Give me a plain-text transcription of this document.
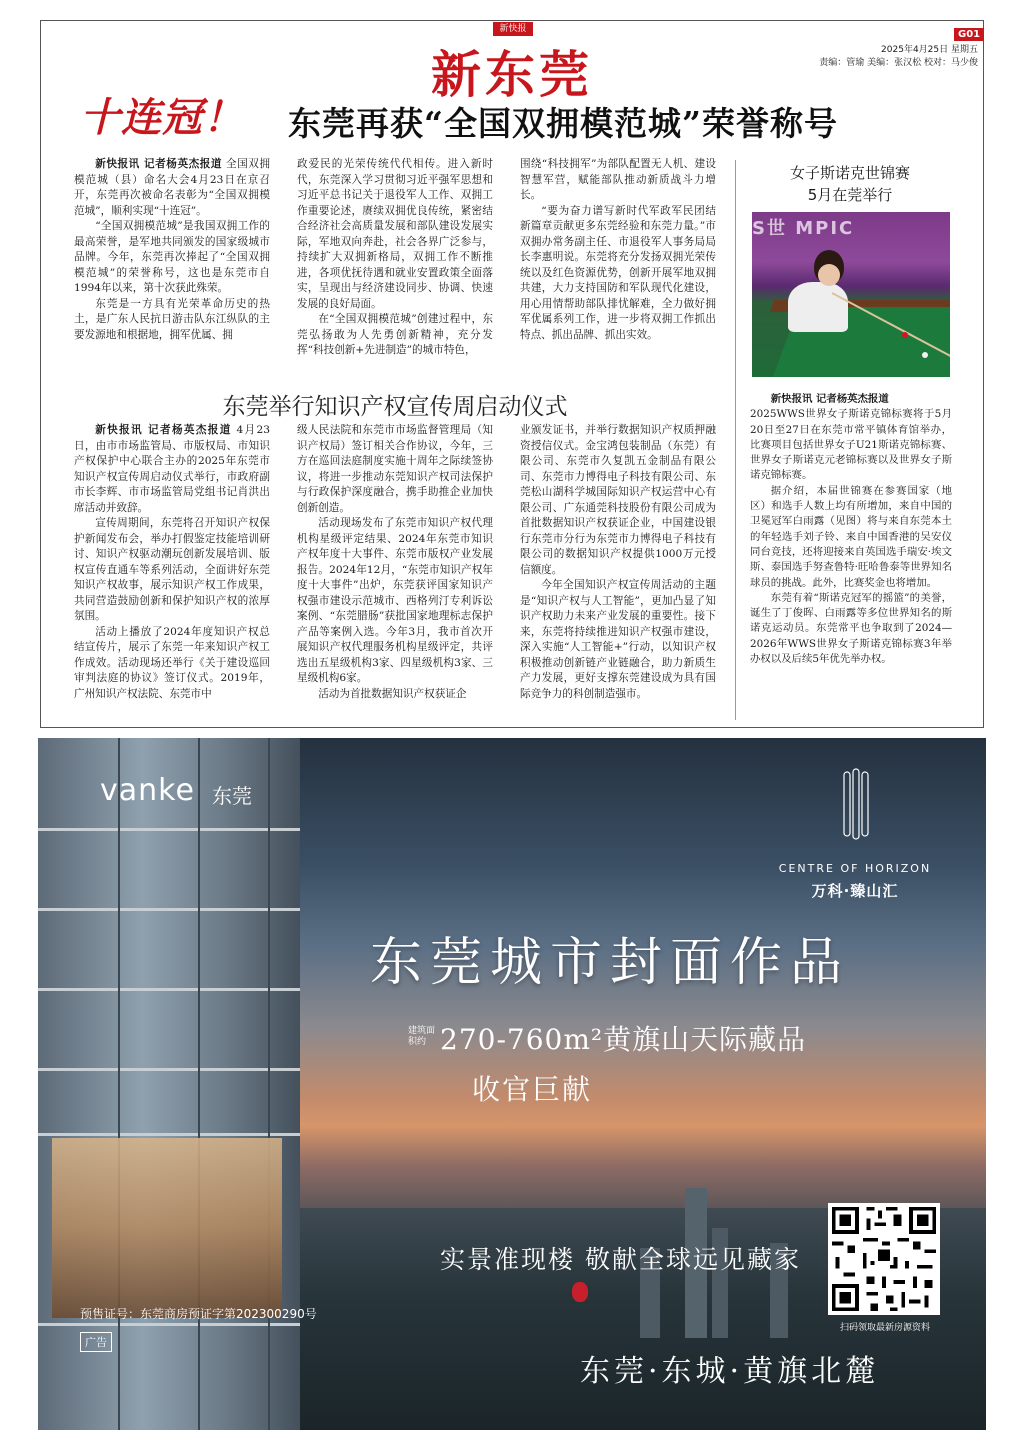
新快报
新东莞
G01
2025年4月25日 星期五
责编：管瑜 美编：张汉松 校对：马少俊
十连冠！ 东莞再获“全国双拥模范城”荣誉称号

新快报讯 记者杨英杰报道 全国双拥模范城（县）命名大会4月23日在京召开，东莞再次被命名表彰为“全国双拥模范城”，顺利实现“十连冠”。

“全国双拥模范城”是我国双拥工作的最高荣誉，是军地共同颁发的国家级城市品牌。今年，东莞再次捧起了“全国双拥模范城”的荣誉称号，这也是东莞市自1994年以来，第十次获此殊荣。

东莞是一方具有光荣革命历史的热土，是广东人民抗日游击队东江纵队的主要发源地和根据地，拥军优属、拥

政爱民的光荣传统代代相传。进入新时代，东莞深入学习贯彻习近平强军思想和习近平总书记关于退役军人工作、双拥工作重要论述，赓续双拥优良传统，紧密结合经济社会高质量发展和部队建设发展实际，军地双向奔赴，社会各界广泛参与，持续扩大双拥新格局，双拥工作不断推进，各项优抚待遇和就业安置政策全面落实，呈现出与经济建设同步、协调、快速发展的良好局面。

在“全国双拥模范城”创建过程中，东莞弘扬敢为人先勇创新精神，充分发挥“科技创新+先进制造”的城市特色，

围绕“科技拥军”为部队配置无人机、建设智慧军营，赋能部队推动新质战斗力增长。

“要为奋力谱写新时代军政军民团结新篇章贡献更多东莞经验和东莞力量。”市双拥办常务副主任、市退役军人事务局局长李惠明说。东莞将充分发扬双拥光荣传统以及红色资源优势，创新开展军地双拥共建，大力支持国防和军队现代化建设，用心用情帮助部队排忧解难，全力做好拥军优属系列工作，进一步将双拥工作抓出特点、抓出品牌、抓出实效。

东莞举行知识产权宣传周启动仪式

新快报讯 记者杨英杰报道 4月23日，由市市场监管局、市版权局、市知识产权保护中心联合主办的2025年东莞市知识产权宣传周启动仪式举行，市政府副市长李辉、市市场监管局党组书记肖洪出席活动并致辞。

宣传周期间，东莞将召开知识产权保护新闻发布会，举办打假鉴定技能培训研讨、知识产权驱动潮玩创新发展培训、版权宣传直通车等系列活动，全面讲好东莞知识产权故事，展示知识产权工作成果，共同营造鼓励创新和保护知识产权的浓厚氛围。

活动上播放了2024年度知识产权总结宣传片，展示了东莞一年来知识产权工作成效。活动现场还举行《关于建设巡回审判法庭的协议》签订仪式。2019年，广州知识产权法院、东莞市中

级人民法院和东莞市市场监督管理局（知识产权局）签订相关合作协议，今年，三方在巡回法庭制度实施十周年之际续签协议，将进一步推动东莞知识产权司法保护与行政保护深度融合，携手助推企业加快创新创造。

活动现场发布了东莞市知识产权代理机构星级评定结果、2024年东莞市知识产权年度十大事件、东莞市版权产业发展报告。2024年12月，“东莞市知识产权年度十大事件”出炉，东莞获评国家知识产权强市建设示范城市、西格列汀专利诉讼案例、“东莞腊肠”获批国家地理标志保护产品等案例入选。今年3月，我市首次开展知识产权代理服务机构星级评定，共评选出五星级机构3家、四星级机构3家、三星级机构6家。

活动为首批数据知识产权获证企

业颁发证书，并举行数据知识产权质押融资授信仪式。金宝鸿包装制品（东莞）有限公司、东莞市久复凯五金制品有限公司、东莞市力博得电子科技有限公司、东莞松山湖科学城国际知识产权运营中心有限公司、广东通莞科技股份有限公司成为首批数据知识产权获证企业，中国建设银行东莞市分行为东莞市力博得电子科技有限公司的数据知识产权提供1000万元授信额度。

今年全国知识产权宣传周活动的主题是“知识产权与人工智能”，更加凸显了知识产权助力未来产业发展的重要性。接下来，东莞将持续推进知识产权强市建设，深入实施“人工智能+”行动，以知识产权积极推动创新链产业链融合，助力新质生产力发展，更好支撑东莞建设成为具有国际竞争力的科创制造强市。

女子斯诺克世锦赛
5月在莞举行
S世 MPIC

新快报讯 记者杨英杰报道

2025WWS世界女子斯诺克锦标赛将于5月20日至27日在东莞市常平镇体育馆举办，比赛项目包括世界女子U21斯诺克锦标赛、世界女子斯诺克元老锦标赛以及世界女子斯诺克锦标赛。

据介绍，本届世锦赛在参赛国家（地区）和选手人数上均有所增加，来自中国的卫冕冠军白雨露（见图）将与来自东莞本土的年轻选手刘子铃、来自中国香港的吴安仪同台竞技，还将迎接来自英国选手瑞安·埃文斯、泰国选手努查鲁特·旺哈鲁泰等世界知名球员的挑战。此外，比赛奖金也将增加。

东莞有着“斯诺克冠军的摇篮”的美誉，诞生了丁俊晖、白雨露等多位世界知名的斯诺克运动员。东莞常平也争取到了2024—2026年WWS世界女子斯诺克锦标赛3年举办权以及后续5年优先举办权。

vanke 东莞
CENTRE OF HORIZON
万科·臻山汇
东莞城市封面作品
建筑面积约 270-760m²黄旗山天际藏品
收官巨献
实景准现楼 敬献全球远见藏家
预售证号：东莞商房预证字第202300290号
广告
扫码领取最新房源资料
东莞·东城·黄旗北麓
